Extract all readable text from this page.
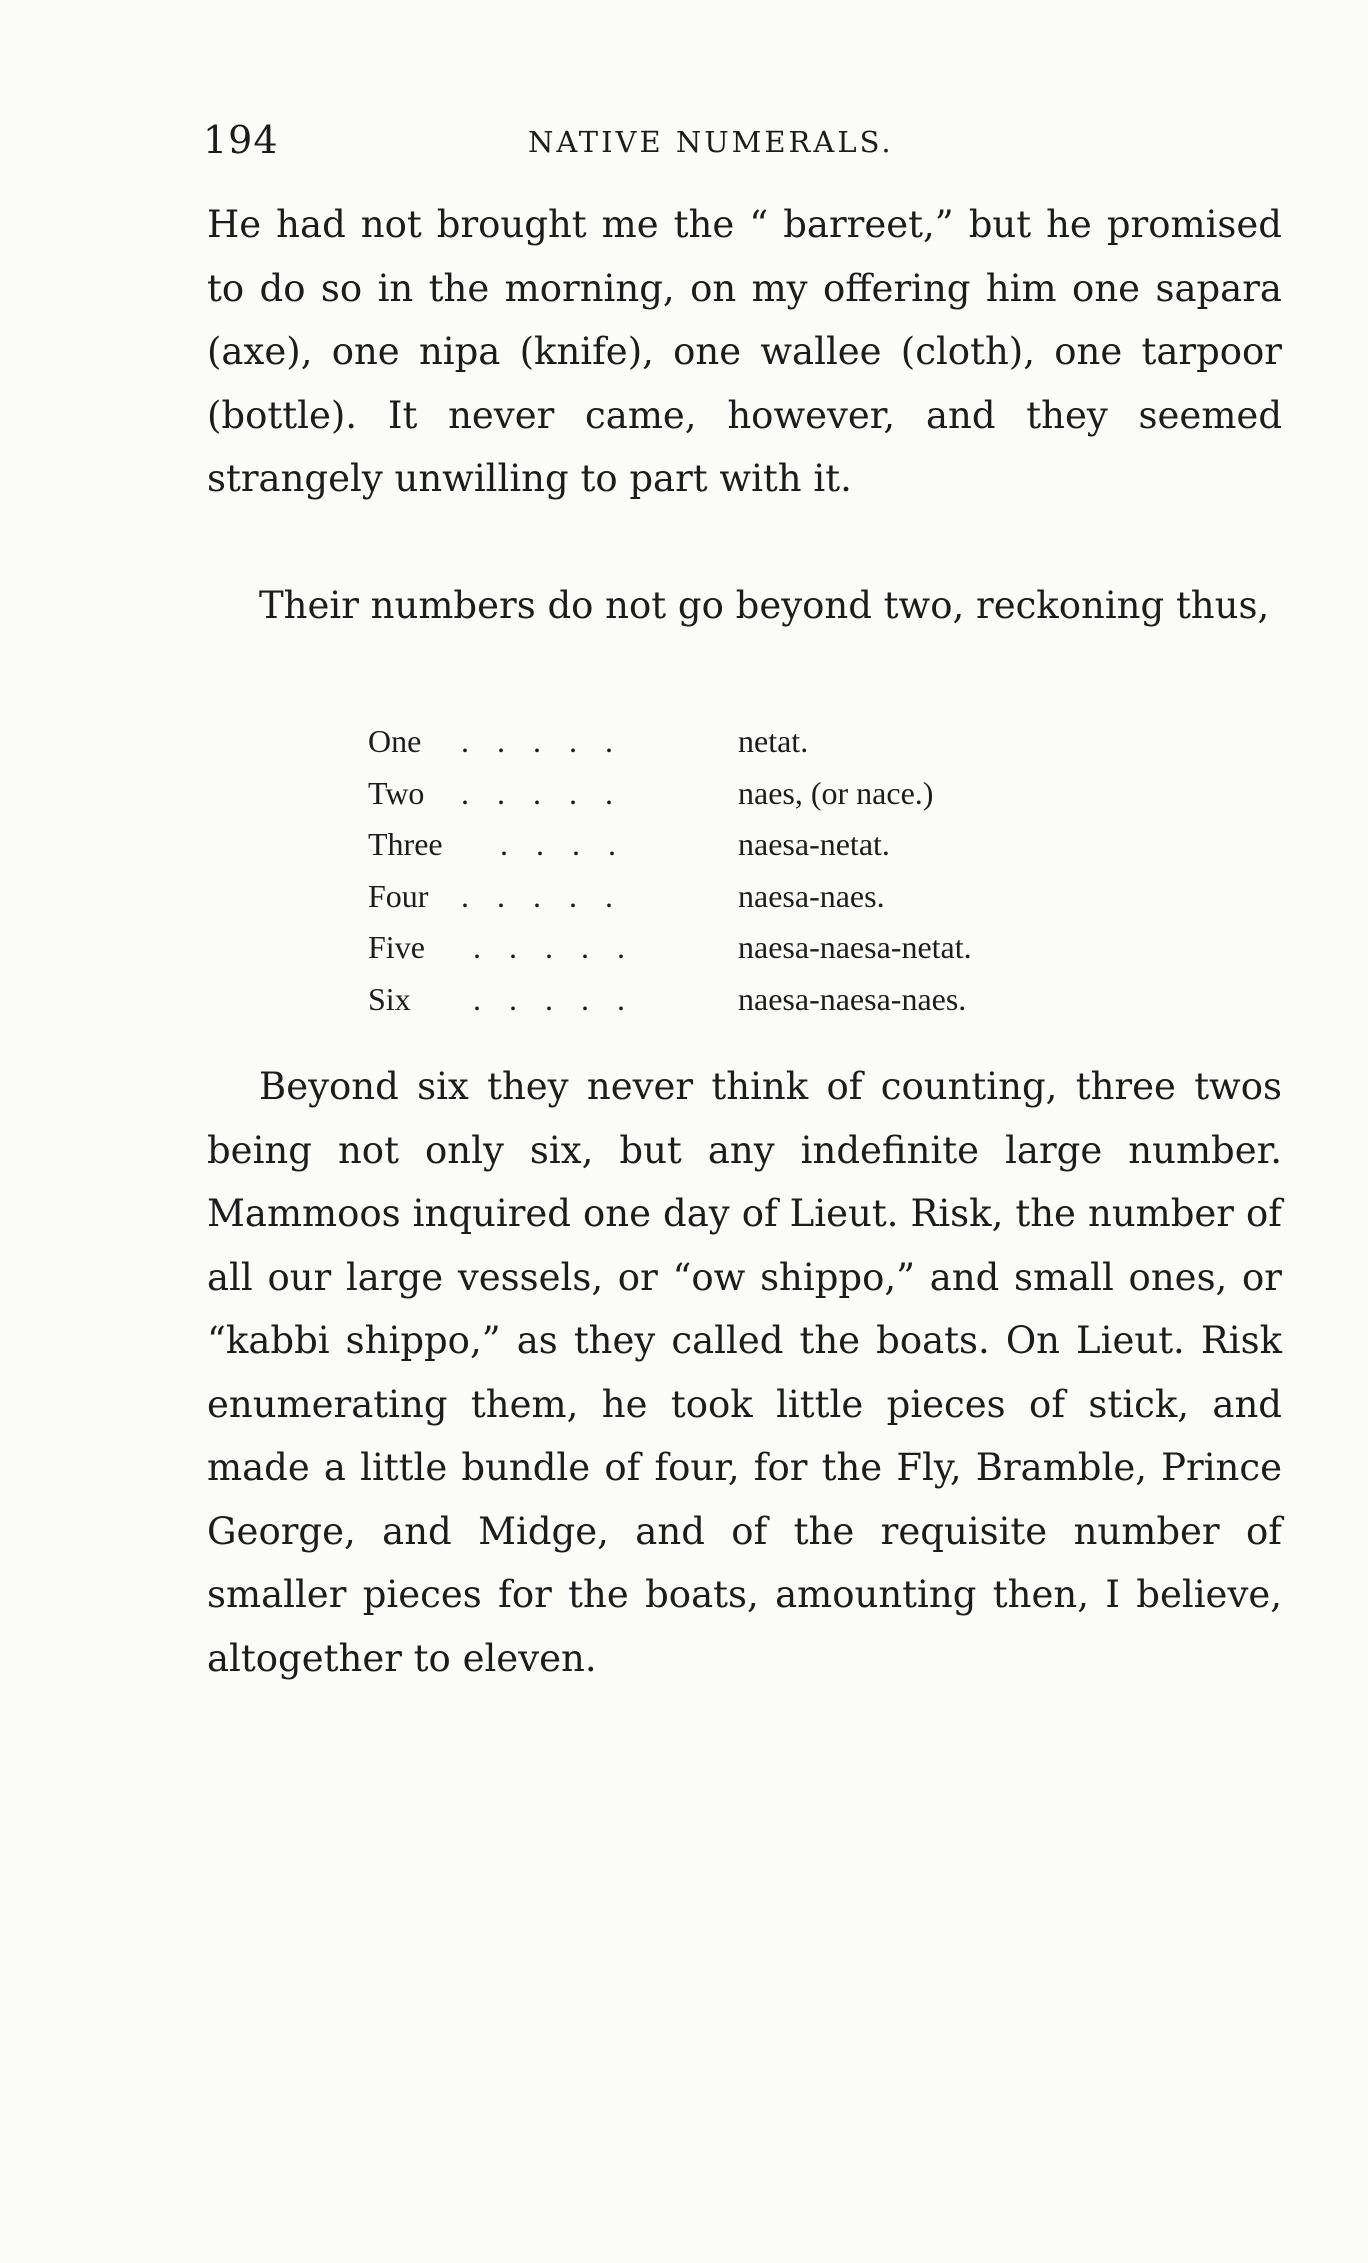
194	NATIVE NUMERALS.

He had not brought me the “ barreet,” but he promised to do so in the morning, on my offering him one sapara (axe), one nipa (knife), one wallee (cloth), one tarpoor (bottle). It never came, however, and they seemed strangely unwilling to part with it.

Their numbers do not go beyond two, reckoning thus,

One . . . . .	netat.
Two . . . . .	naes, (or nace.)
Three . . . .	naesa-netat.
Four . . . . .	naesa-naes.
Five . . . . .	naesa-naesa-netat.
Six . . . . .	naesa-naesa-naes.

Beyond six they never think of counting, three twos being not only six, but any indefinite large number. Mammoos inquired one day of Lieut. Risk, the number of all our large vessels, or “ow shippo,” and small ones, or “kabbi shippo,” as they called the boats. On Lieut. Risk enumerating them, he took little pieces of stick, and made a little bundle of four, for the Fly, Bramble, Prince George, and Midge, and of the requisite number of smaller pieces for the boats, amounting then, I believe, altogether to eleven.
